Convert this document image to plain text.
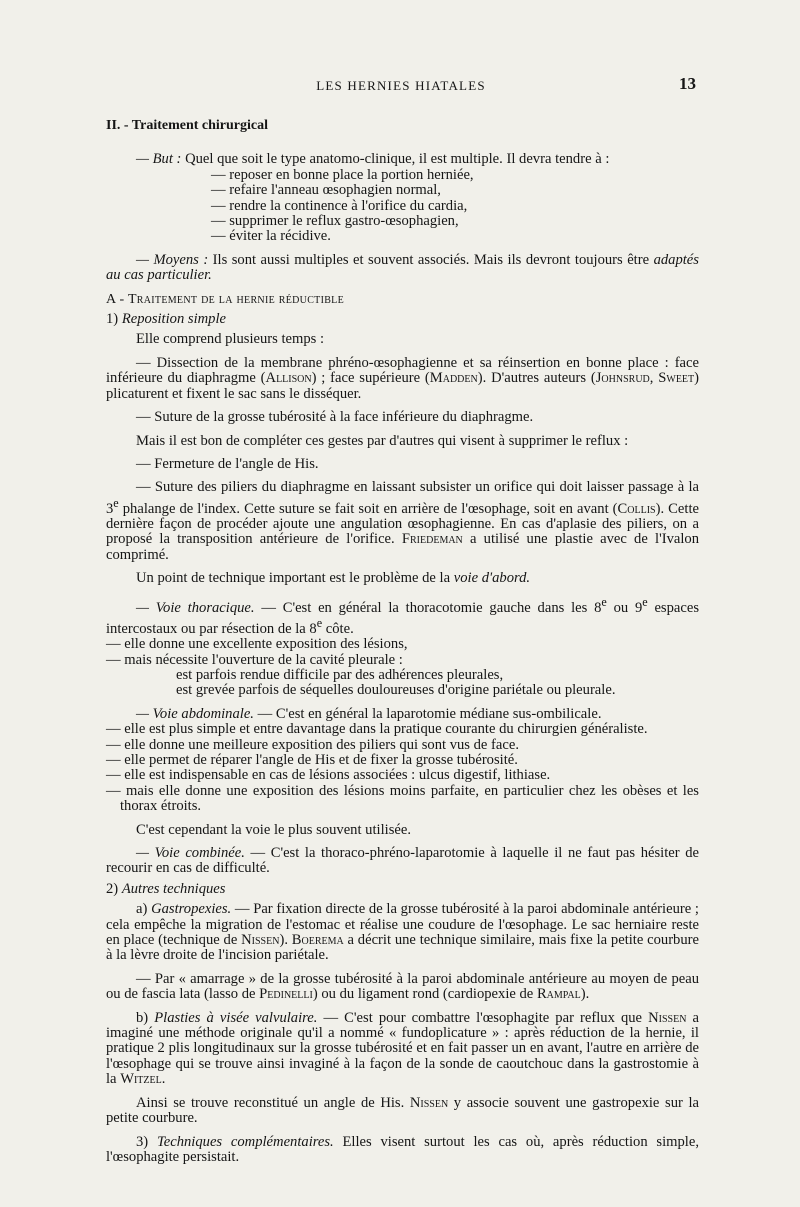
LES HERNIES HIATALES	13

II. - Traitement chirurgical

— But : Quel que soit le type anatomo-clinique, il est multiple. Il devra tendre à :

— reposer en bonne place la portion herniée,
— refaire l'anneau œsophagien normal,
— rendre la continence à l'orifice du cardia,
— supprimer le reflux gastro-œsophagien,
— éviter la récidive.

— Moyens : Ils sont aussi multiples et souvent associés. Mais ils devront toujours être adaptés au cas particulier.

A - Traitement de la hernie réductible

1) Reposition simple

Elle comprend plusieurs temps :

— Dissection de la membrane phréno-œsophagienne et sa réinsertion en bonne place : face inférieure du diaphragme (Allison) ; face supérieure (Madden). D'autres auteurs (Johnsrud, Sweet) plicaturent et fixent le sac sans le disséquer.

— Suture de la grosse tubérosité à la face inférieure du diaphragme.

Mais il est bon de compléter ces gestes par d'autres qui visent à supprimer le reflux :

— Fermeture de l'angle de His.

— Suture des piliers du diaphragme en laissant subsister un orifice qui doit laisser passage à la 3e phalange de l'index. Cette suture se fait soit en arrière de l'œsophage, soit en avant (Collis). Cette dernière façon de procéder ajoute une angulation œsophagienne. En cas d'aplasie des piliers, on a proposé la transposition antérieure de l'orifice. Friedeman a utilisé une plastie avec de l'Ivalon comprimé.

Un point de technique important est le problème de la voie d'abord.

— Voie thoracique. — C'est en général la thoracotomie gauche dans les 8e ou 9e espaces intercostaux ou par résection de la 8e côte.

— elle donne une excellente exposition des lésions,
— mais nécessite l'ouverture de la cavité pleurale :
est parfois rendue difficile par des adhérences pleurales,
est grevée parfois de séquelles douloureuses d'origine pariétale ou pleurale.

— Voie abdominale. — C'est en général la laparotomie médiane sus-ombilicale.

— elle est plus simple et entre davantage dans la pratique courante du chirurgien généraliste.
— elle donne une meilleure exposition des piliers qui sont vus de face.
— elle permet de réparer l'angle de His et de fixer la grosse tubérosité.
— elle est indispensable en cas de lésions associées : ulcus digestif, lithiase.
— mais elle donne une exposition des lésions moins parfaite, en particulier chez les obèses et les thorax étroits.

C'est cependant la voie le plus souvent utilisée.

— Voie combinée. — C'est la thoraco-phréno-laparotomie à laquelle il ne faut pas hésiter de recourir en cas de difficulté.

2) Autres techniques

a) Gastropexies. — Par fixation directe de la grosse tubérosité à la paroi abdominale antérieure ; cela empêche la migration de l'estomac et réalise une coudure de l'œsophage. Le sac herniaire reste en place (technique de Nissen). Boerema a décrit une technique similaire, mais fixe la petite courbure à la lèvre droite de l'incision pariétale.

— Par « amarrage » de la grosse tubérosité à la paroi abdominale antérieure au moyen de peau ou de fascia lata (lasso de Pedinelli) ou du ligament rond (cardiopexie de Rampal).

b) Plasties à visée valvulaire. — C'est pour combattre l'œsophagite par reflux que Nissen a imaginé une méthode originale qu'il a nommé « fundoplicature » : après réduction de la hernie, il pratique 2 plis longitudinaux sur la grosse tubérosité et en fait passer un en avant, l'autre en arrière de l'œsophage qui se trouve ainsi invaginé à la façon de la sonde de caoutchouc dans la gastrostomie à la Witzel.

Ainsi se trouve reconstitué un angle de His. Nissen y associe souvent une gastropexie sur la petite courbure.

3) Techniques complémentaires. Elles visent surtout les cas où, après réduction simple, l'œsophagite persistait.
